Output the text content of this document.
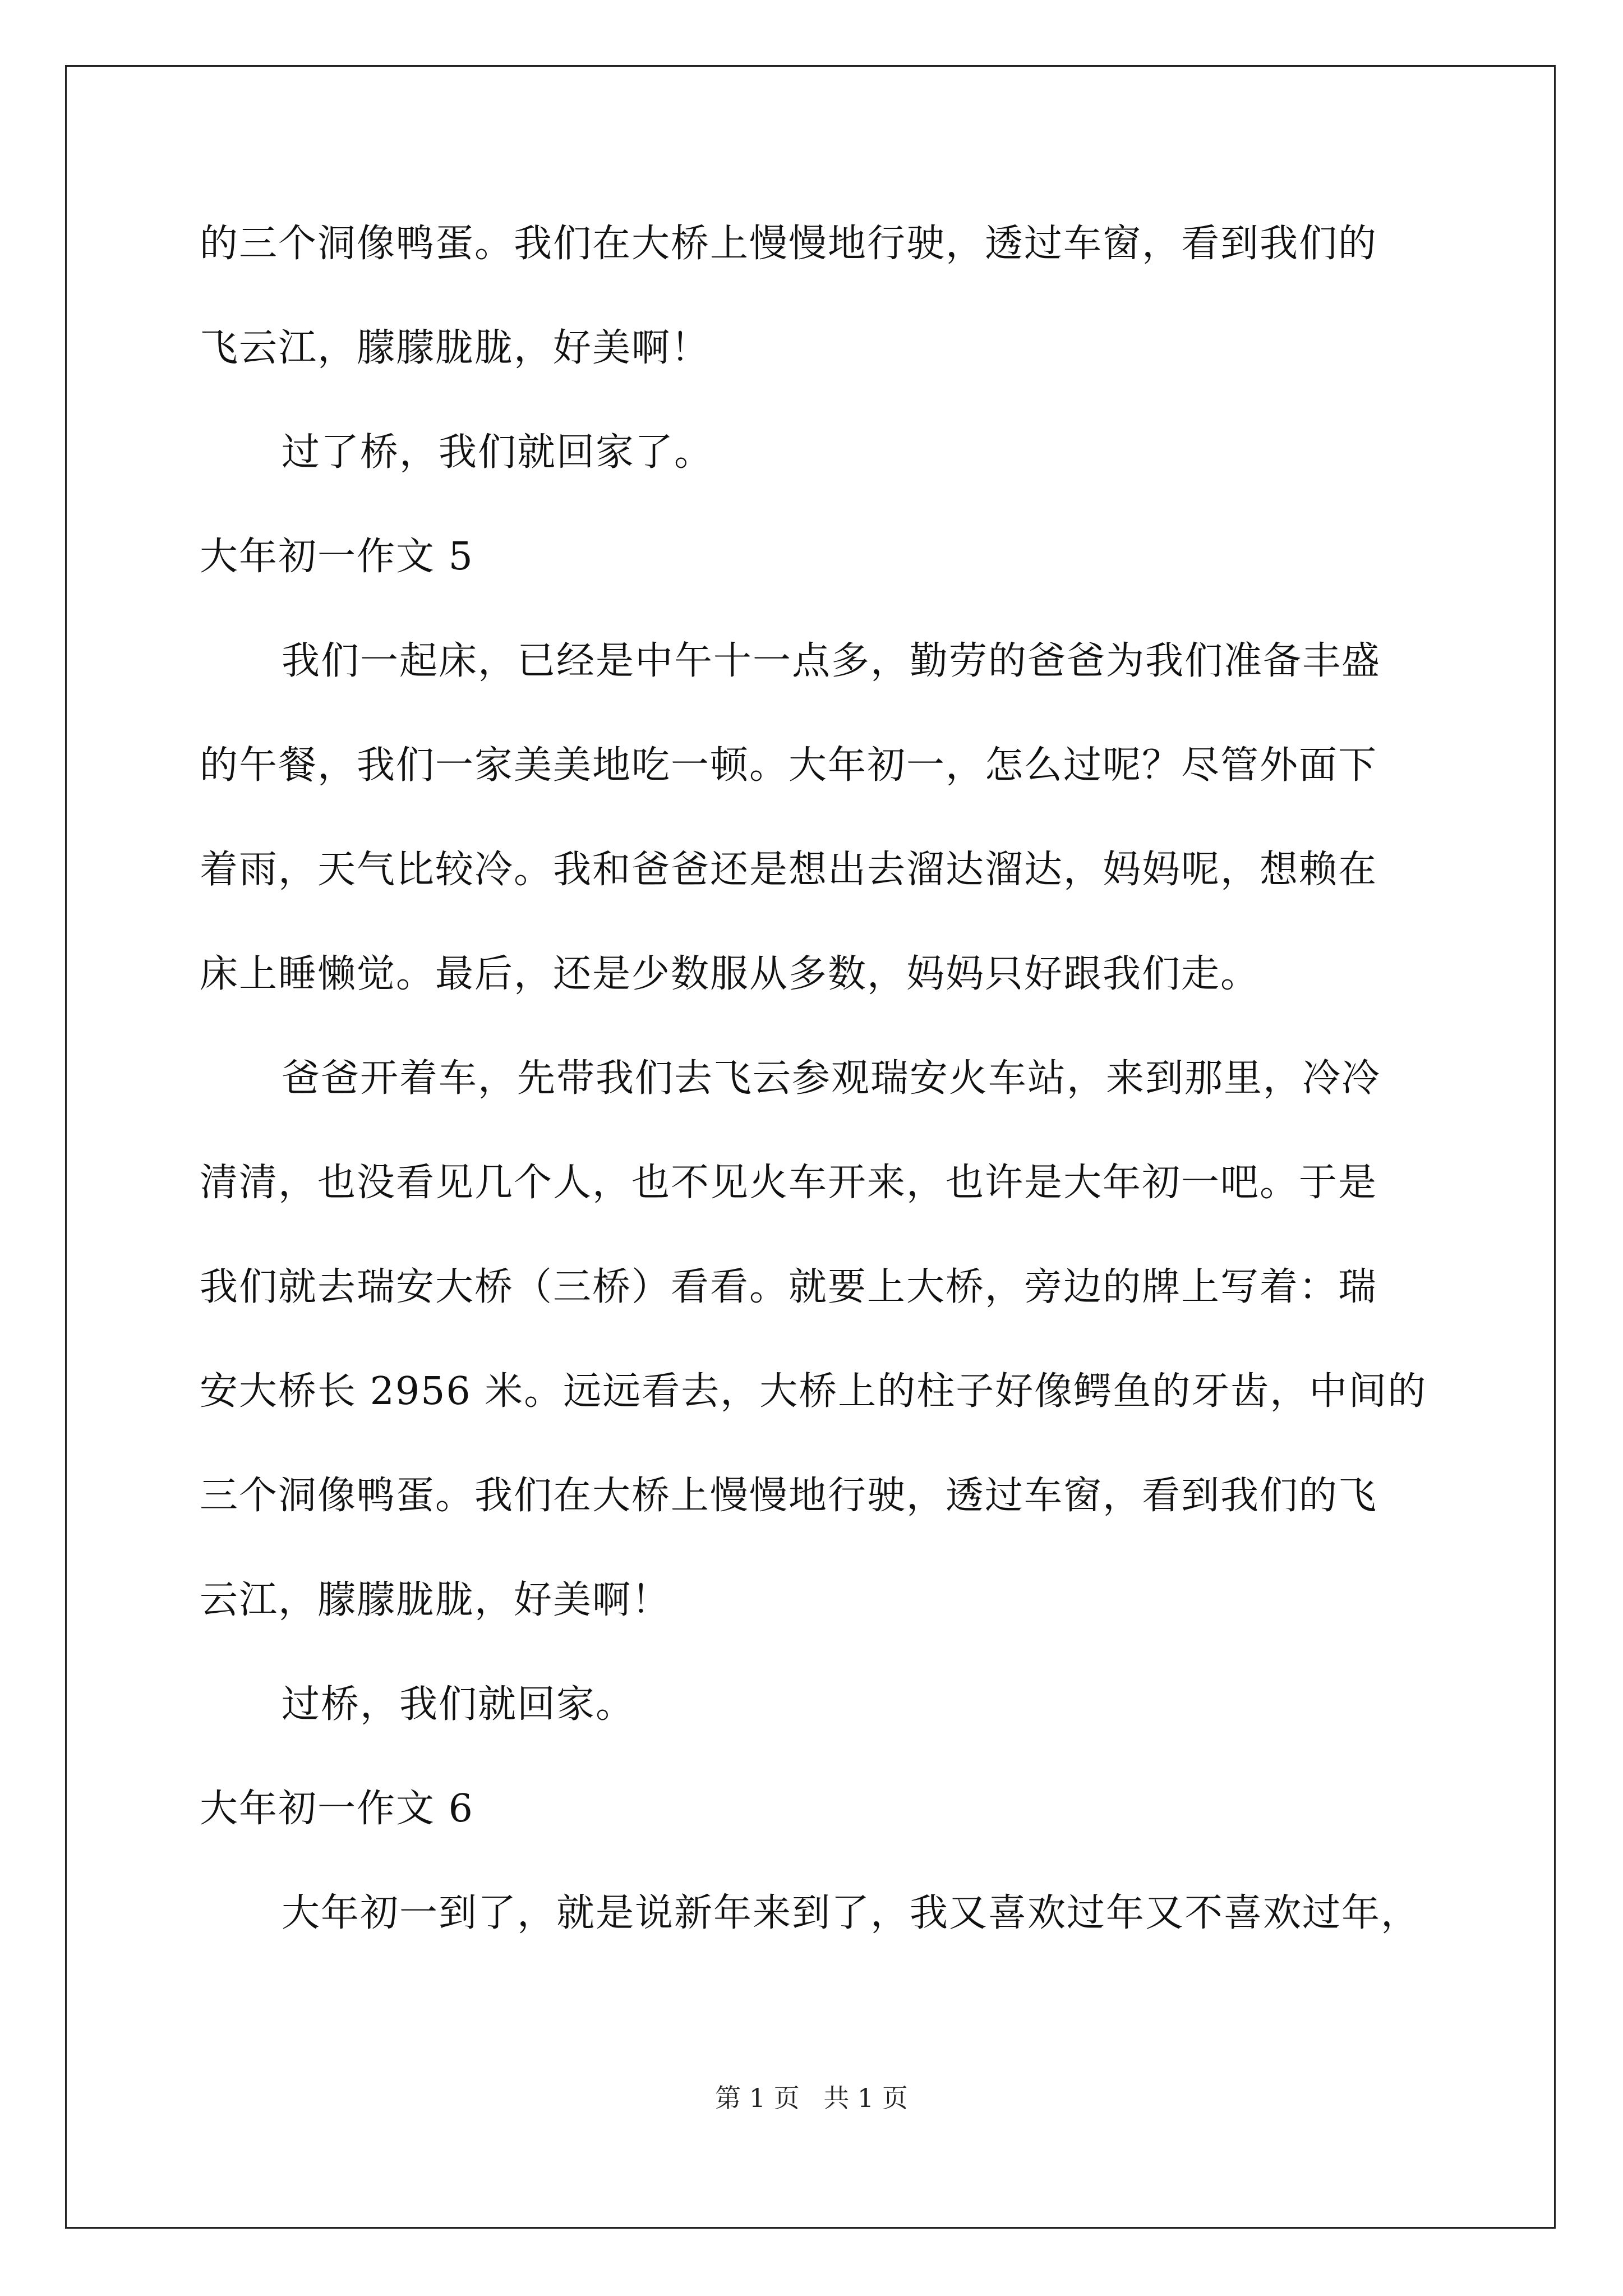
的三个洞像鸭蛋。我们在大桥上慢慢地行驶，透过车窗，看到我们的
飞云江，朦朦胧胧，好美啊！
过了桥，我们就回家了。
大年初一作文 5
我们一起床，已经是中午十一点多，勤劳的爸爸为我们准备丰盛
的午餐，我们一家美美地吃一顿。大年初一，怎么过呢？尽管外面下
着雨，天气比较冷。我和爸爸还是想出去溜达溜达，妈妈呢，想赖在
床上睡懒觉。最后，还是少数服从多数，妈妈只好跟我们走。
爸爸开着车，先带我们去飞云参观瑞安火车站，来到那里，冷冷
清清，也没看见几个人，也不见火车开来，也许是大年初一吧。于是
我们就去瑞安大桥（三桥）看看。就要上大桥，旁边的牌上写着：瑞
安大桥长 2956 米。远远看去，大桥上的柱子好像鳄鱼的牙齿，中间的
三个洞像鸭蛋。我们在大桥上慢慢地行驶，透过车窗，看到我们的飞
云江，朦朦胧胧，好美啊！
过桥，我们就回家。
大年初一作文 6
大年初一到了，就是说新年来到了，我又喜欢过年又不喜欢过年，
第 1 页 共 1 页
